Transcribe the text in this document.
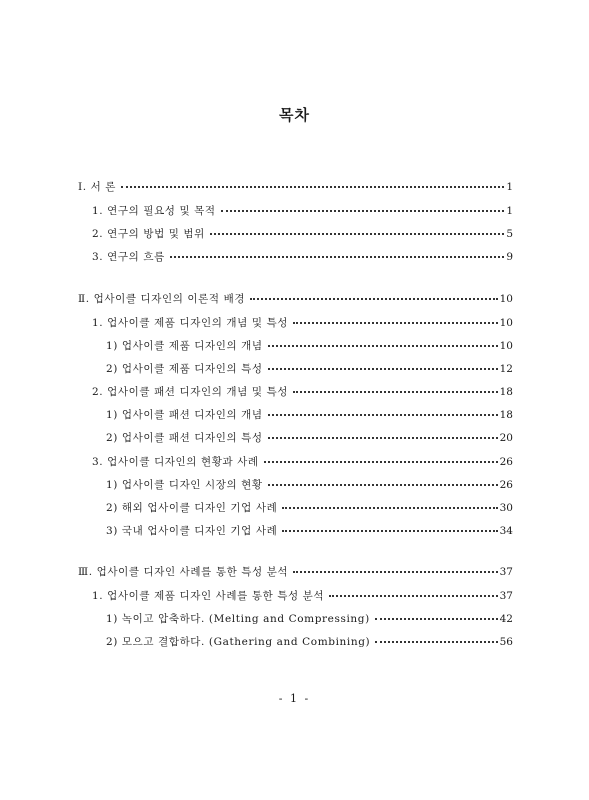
목차
Ⅰ. 서 론	1
1. 연구의 필요성 및 목적	1
2. 연구의 방법 및 범위	5
3. 연구의 흐름	9
Ⅱ. 업사이클 디자인의 이론적 배경	10
1. 업사이클 제품 디자인의 개념 및 특성	10
1) 업사이클 제품 디자인의 개념	10
2) 업사이클 제품 디자인의 특성	12
2. 업사이클 패션 디자인의 개념 및 특성	18
1) 업사이클 패션 디자인의 개념	18
2) 업사이클 패션 디자인의 특성	20
3. 업사이클 디자인의 현황과 사례	26
1) 업사이클 디자인 시장의 현황	26
2) 해외 업사이클 디자인 기업 사례	30
3) 국내 업사이클 디자인 기업 사례	34
Ⅲ. 업사이클 디자인 사례를 통한 특성 분석	37
1. 업사이클 제품 디자인 사례를 통한 특성 분석	37
1) 녹이고 압축하다. (Melting and Compressing)	42
2) 모으고 결합하다. (Gathering and Combining)	56
- 1 -
